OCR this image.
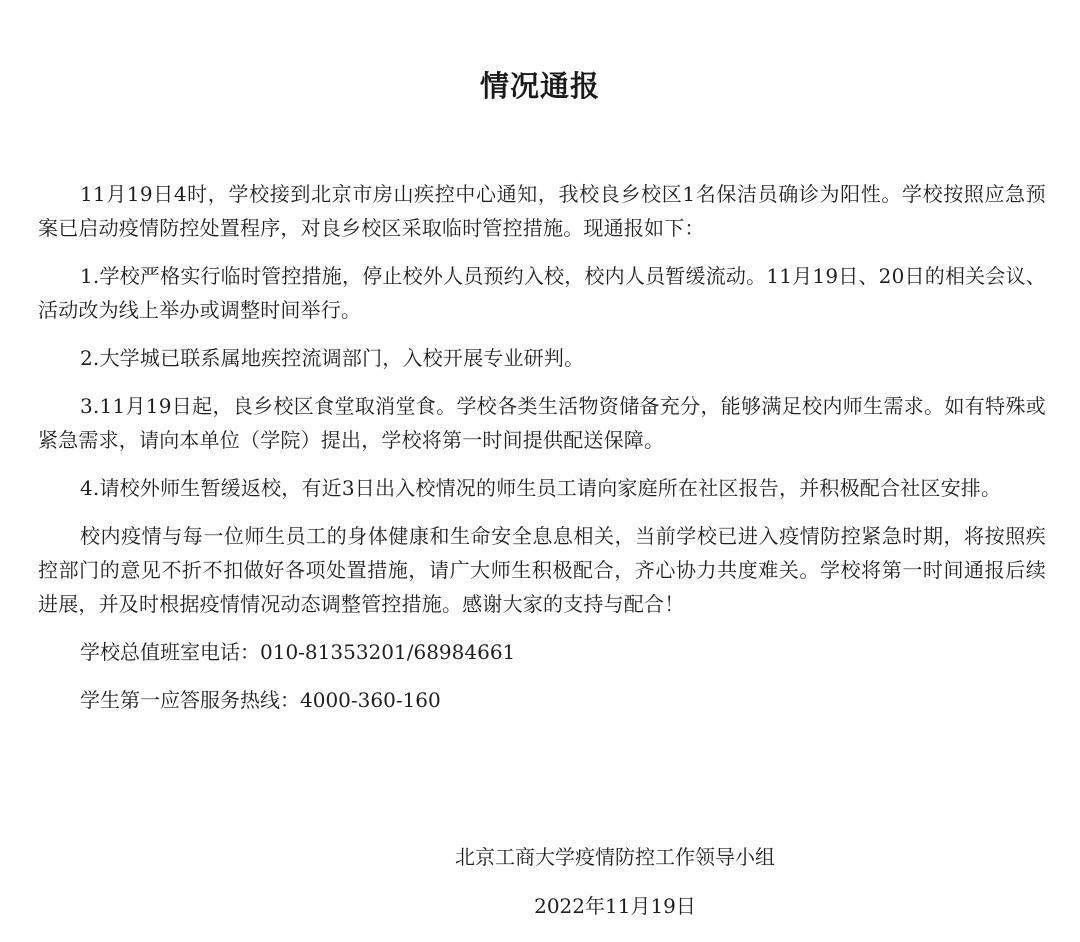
情况通报

11月19日4时，学校接到北京市房山疾控中心通知，我校良乡校区1名保洁员确诊为阳性。学校按照应急预案已启动疫情防控处置程序，对良乡校区采取临时管控措施。现通报如下：

1.学校严格实行临时管控措施，停止校外人员预约入校，校内人员暂缓流动。11月19日、20日的相关会议、活动改为线上举办或调整时间举行。

2.大学城已联系属地疾控流调部门，入校开展专业研判。

3.11月19日起，良乡校区食堂取消堂食。学校各类生活物资储备充分，能够满足校内师生需求。如有特殊或紧急需求，请向本单位（学院）提出，学校将第一时间提供配送保障。

4.请校外师生暂缓返校，有近3日出入校情况的师生员工请向家庭所在社区报告，并积极配合社区安排。

校内疫情与每一位师生员工的身体健康和生命安全息息相关，当前学校已进入疫情防控紧急时期，将按照疾控部门的意见不折不扣做好各项处置措施，请广大师生积极配合，齐心协力共度难关。学校将第一时间通报后续进展，并及时根据疫情情况动态调整管控措施。感谢大家的支持与配合！

学校总值班室电话：010-81353201/68984661

学生第一应答服务热线：4000-360-160

北京工商大学疫情防控工作领导小组

2022年11月19日
